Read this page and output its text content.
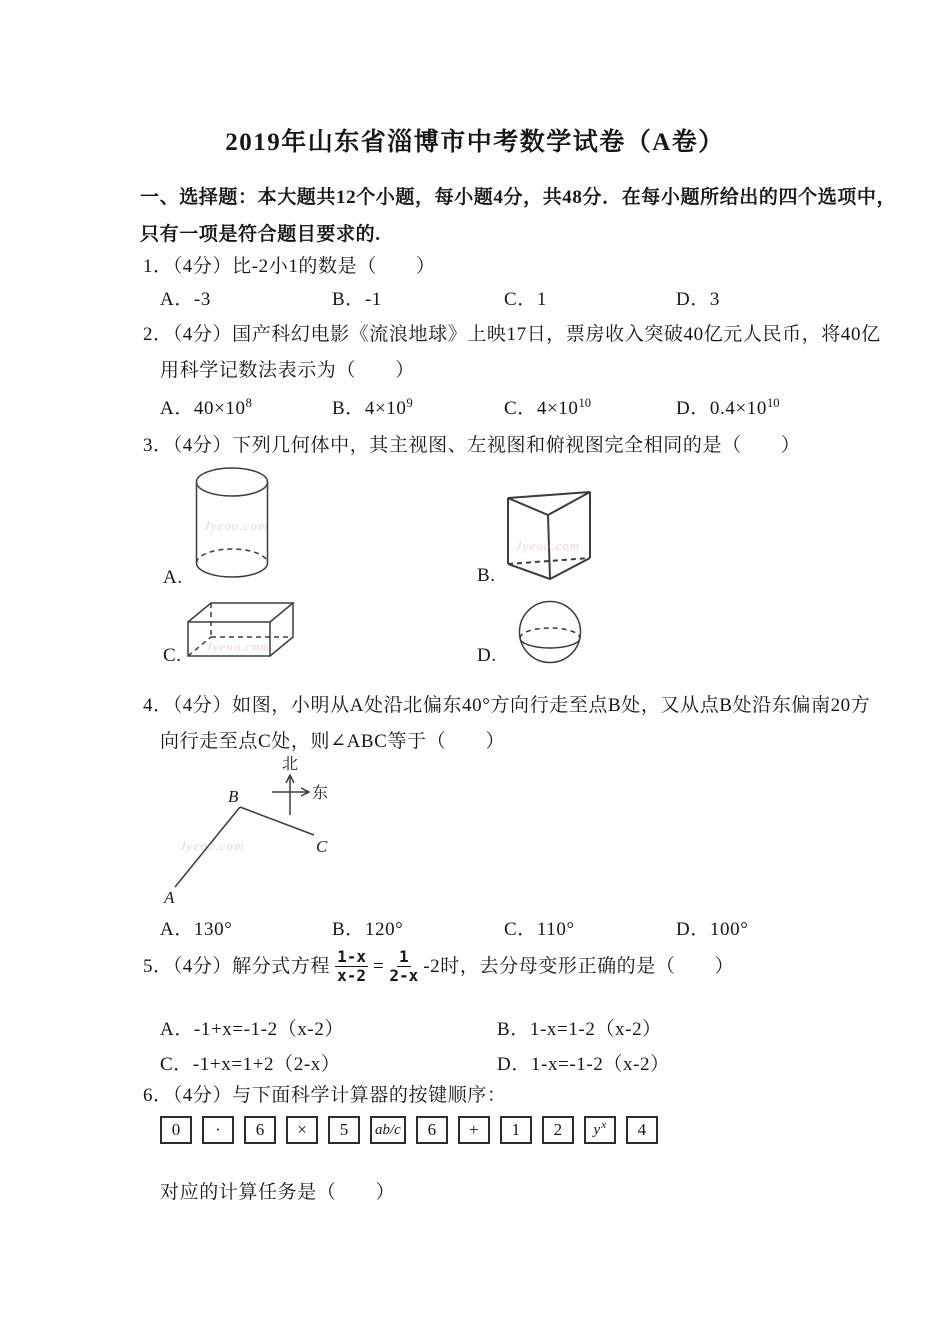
2019年山东省淄博市中考数学试卷（A卷）
一、选择题：本大题共12个小题，每小题4分，共48分．在每小题所给出的四个选项中，
只有一项是符合题目要求的.
1．（4分）比-2小1的数是（　　）
A．-3	B．-1	C．1	D．3
2．（4分）国产科幻电影《流浪地球》上映17日，票房收入突破40亿元人民币，将40亿
用科学记数法表示为（　　）
A．$40\times 10^8$	B．$4\times 10^9$	C．$4\times 10^{10}$	D．$0.4\times 10^{10}$
3．（4分）下列几何体中，其主视图、左视图和俯视图完全相同的是（　　）
Jyeoo.com
A.
Jyeoo.com
B.
Jyeoo.com
C.	D.
4．（4分）如图，小明从A处沿北偏东40°方向行走至点B处，又从点B处沿东偏南20方
向行走至点C处，则∠ABC等于（　　）
北
东
B
C
A
Jyeoo.com
A．130°	B．120°	C．110°	D．100°
5．（4分）解分式方程 $\frac{1-x}{x-2} = \frac{1}{2-x} -2$时，去分母变形正确的是（　　）
A．-1+x=-1-2（x-2）	B．1-x=1-2（x-2）
C．-1+x=1+2（2-x）	D．1-x=-1-2（x-2）
6．（4分）与下面科学计算器的按键顺序：
0 · 6 × 5 ab/c 6 + 1 2 $y^x$ 4
对应的计算任务是（　　）
